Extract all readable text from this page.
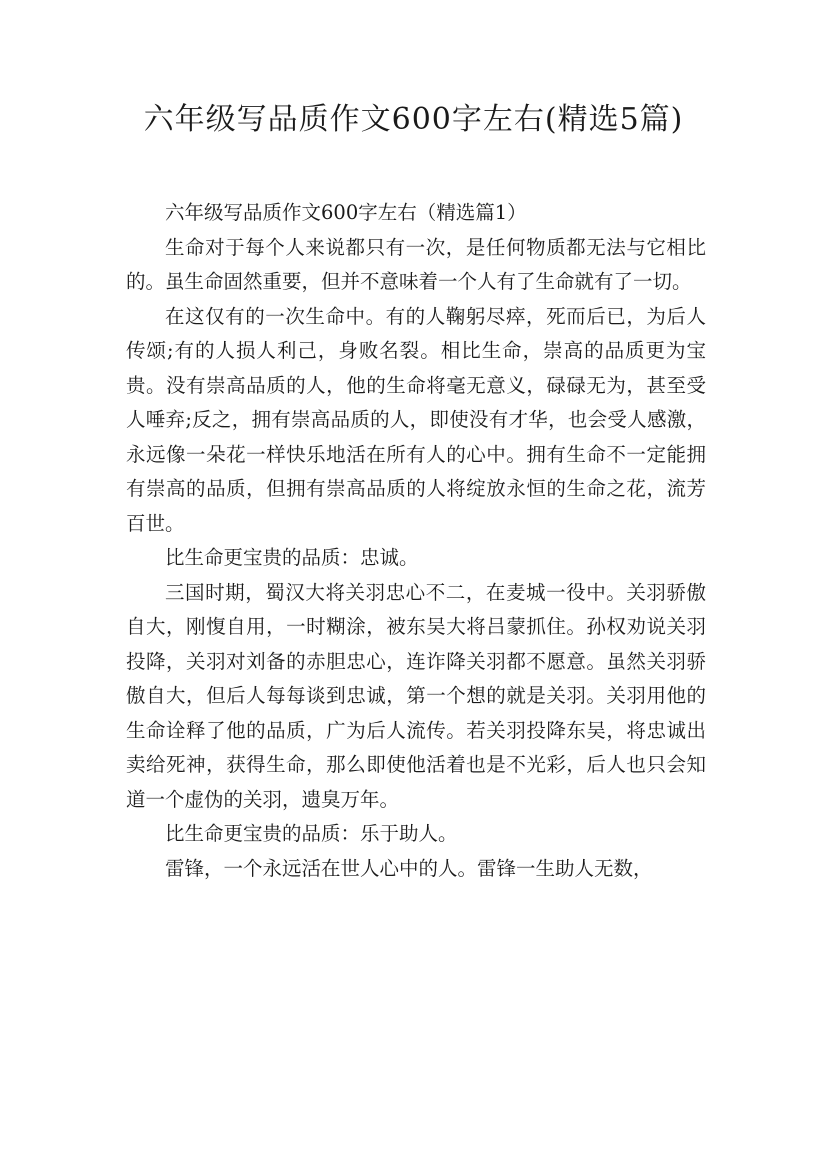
六年级写品质作文600字左右(精选5篇)

六年级写品质作文600字左右（精选篇1）

生命对于每个人来说都只有一次，是任何物质都无法与它相比的。虽生命固然重要，但并不意味着一个人有了生命就有了一切。

在这仅有的一次生命中。有的人鞠躬尽瘁，死而后已，为后人传颂;有的人损人利己，身败名裂。相比生命，崇高的品质更为宝贵。没有崇高品质的人，他的生命将毫无意义，碌碌无为，甚至受人唾弃;反之，拥有崇高品质的人，即使没有才华，也会受人感激，永远像一朵花一样快乐地活在所有人的心中。拥有生命不一定能拥有崇高的品质，但拥有崇高品质的人将绽放永恒的生命之花，流芳百世。

比生命更宝贵的品质：忠诚。

三国时期，蜀汉大将关羽忠心不二，在麦城一役中。关羽骄傲自大，刚愎自用，一时糊涂，被东吴大将吕蒙抓住。孙权劝说关羽投降，关羽对刘备的赤胆忠心，连诈降关羽都不愿意。虽然关羽骄傲自大，但后人每每谈到忠诚，第一个想的就是关羽。关羽用他的生命诠释了他的品质，广为后人流传。若关羽投降东吴，将忠诚出卖给死神，获得生命，那么即使他活着也是不光彩，后人也只会知道一个虚伪的关羽，遗臭万年。

比生命更宝贵的品质：乐于助人。

雷锋，一个永远活在世人心中的人。雷锋一生助人无数，
